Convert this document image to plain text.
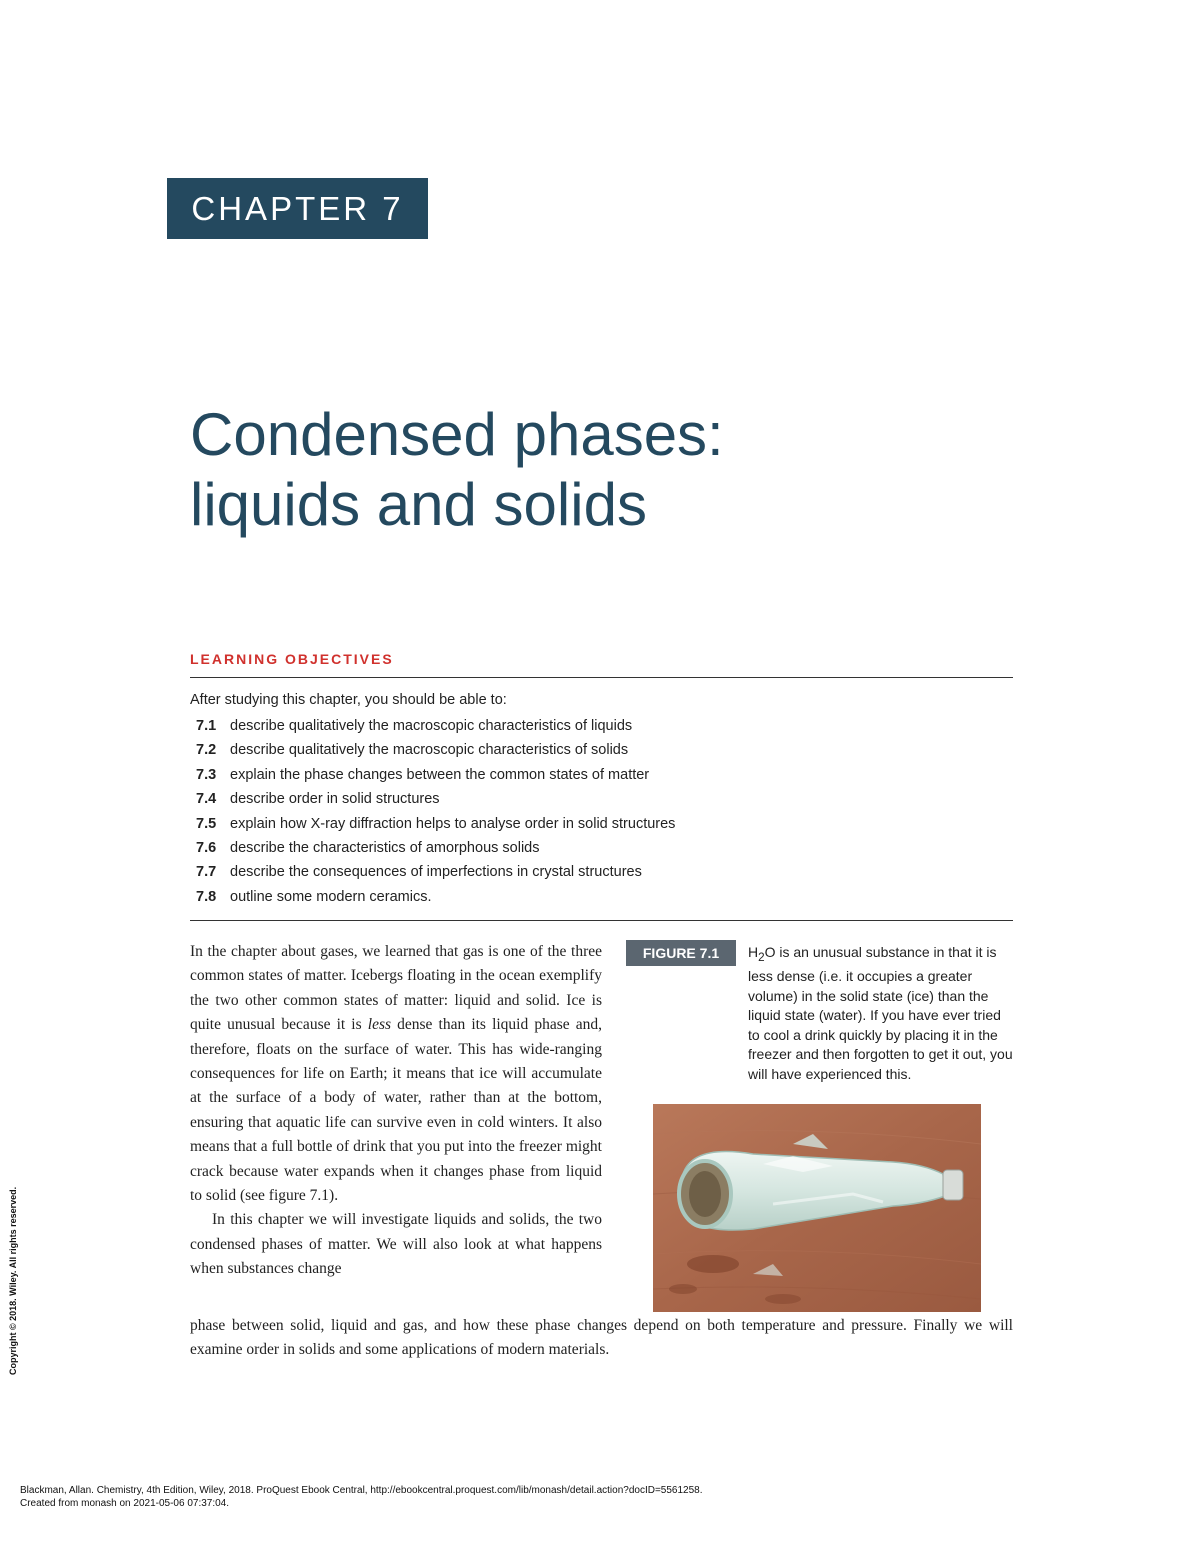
CHAPTER 7
Condensed phases:
liquids and solids
LEARNING OBJECTIVES
After studying this chapter, you should be able to:
7.1 describe qualitatively the macroscopic characteristics of liquids
7.2 describe qualitatively the macroscopic characteristics of solids
7.3 explain the phase changes between the common states of matter
7.4 describe order in solid structures
7.5 explain how X-ray diffraction helps to analyse order in solid structures
7.6 describe the characteristics of amorphous solids
7.7 describe the consequences of imperfections in crystal structures
7.8 outline some modern ceramics.

In the chapter about gases, we learned that gas is one of the three common states of matter. Icebergs floating in the ocean exemplify the two other common states of matter: liquid and solid. Ice is quite unusual because it is less dense than its liquid phase and, therefore, floats on the surface of water. This has wide-ranging consequences for life on Earth; it means that ice will accumulate at the surface of a body of water, rather than at the bottom, ensuring that aquatic life can survive even in cold winters. It also means that a full bottle of drink that you put into the freezer might crack because water expands when it changes phase from liquid to solid (see figure 7.1).

In this chapter we will investigate liquids and solids, the two condensed phases of matter. We will also look at what happens when substances change

phase between solid, liquid and gas, and how these phase changes depend on both temperature and pressure. Finally we will examine order in solids and some applications of modern materials.
FIGURE 7.1	$H_2O$ is an unusual substance in that it is less dense (i.e. it occupies a greater volume) in the solid state (ice) than the liquid state (water). If you have ever tried to cool a drink quickly by placing it in the freezer and then forgotten to get it out, you will have experienced this.
Copyright © 2018. Wiley. All rights reserved.
Blackman, Allan. Chemistry, 4th Edition, Wiley, 2018. ProQuest Ebook Central, http://ebookcentral.proquest.com/lib/monash/detail.action?docID=5561258.
Created from monash on 2021-05-06 07:37:04.
